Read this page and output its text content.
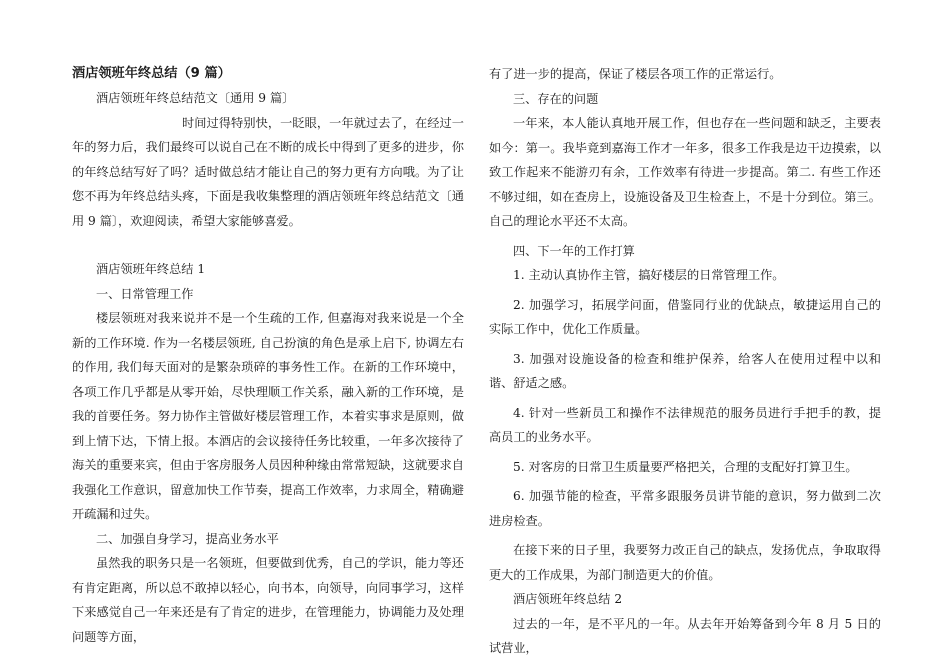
酒店领班年终总结（9 篇）
酒店领班年终总结范文〔通用 9 篇〕
时间过得特别快，一眨眼，一年就过去了，在经过一年的努力后，我们最终可以说自己在不断的成长中得到了更多的进步，你的年终总结写好了吗？适时做总结才能让自己的努力更有方向哦。为了让您不再为年终总结头疼，下面是我收集整理的酒店领班年终总结范文〔通用 9 篇〕，欢迎阅读，希望大家能够喜爱。
酒店领班年终总结 1
一、日常管理工作
楼层领班对我来说并不是一个生疏的工作, 但嘉海对我来说是一个全新的工作环境. 作为一名楼层领班, 自己扮演的角色是承上启下, 协调左右的作用, 我们每天面对的是繁杂琐碎的事务性工作。在新的工作环境中，各项工作几乎都是从零开始，尽快理顺工作关系，融入新的工作环境，是我的首要任务。努力协作主管做好楼层管理工作，本着实事求是原则，做到上情下达，下情上报。本酒店的会议接待任务比较重，一年多次接待了海关的重要来宾，但由于客房服务人员因种种缘由常常短缺，这就要求自我强化工作意识，留意加快工作节奏，提高工作效率，力求周全，精确避开疏漏和过失。
二、加强自身学习，提高业务水平
虽然我的职务只是一名领班，但要做到优秀，自己的学识，能力等还有肯定距离，所以总不敢掉以轻心，向书本，向领导，向同事学习，这样下来感觉自己一年来还是有了肯定的进步，在管理能力，协调能力及处理问题等方面，
有了进一步的提高，保证了楼层各项工作的正常运行。
三、存在的问题
一年来，本人能认真地开展工作，但也存在一些问题和缺乏，主要表如今：第一。我毕竟到嘉海工作才一年多，很多工作我是边干边摸索，以致工作起来不能游刃有余，工作效率有待进一步提高。第二. 有些工作还不够过细，如在查房上，设施设备及卫生检查上，不是十分到位。第三。自己的理论水平还不太高。
四、下一年的工作打算
1. 主动认真协作主管，搞好楼层的日常管理工作。
2. 加强学习，拓展学问面，借鉴同行业的优缺点，敏捷运用自己的实际工作中，优化工作质量。
3. 加强对设施设备的检查和维护保养，给客人在使用过程中以和谐、舒适之感。
4. 针对一些新员工和操作不法律规范的服务员进行手把手的教，提高员工的业务水平。
5. 对客房的日常卫生质量要严格把关，合理的支配好打算卫生。
6. 加强节能的检查，平常多跟服务员讲节能的意识，努力做到二次进房检查。
在接下来的日子里，我要努力改正自己的缺点，发扬优点，争取取得更大的工作成果，为部门制造更大的价值。
酒店领班年终总结 2
过去的一年，是不平凡的一年。从去年开始筹备到今年 8 月 5 日的试营业，
